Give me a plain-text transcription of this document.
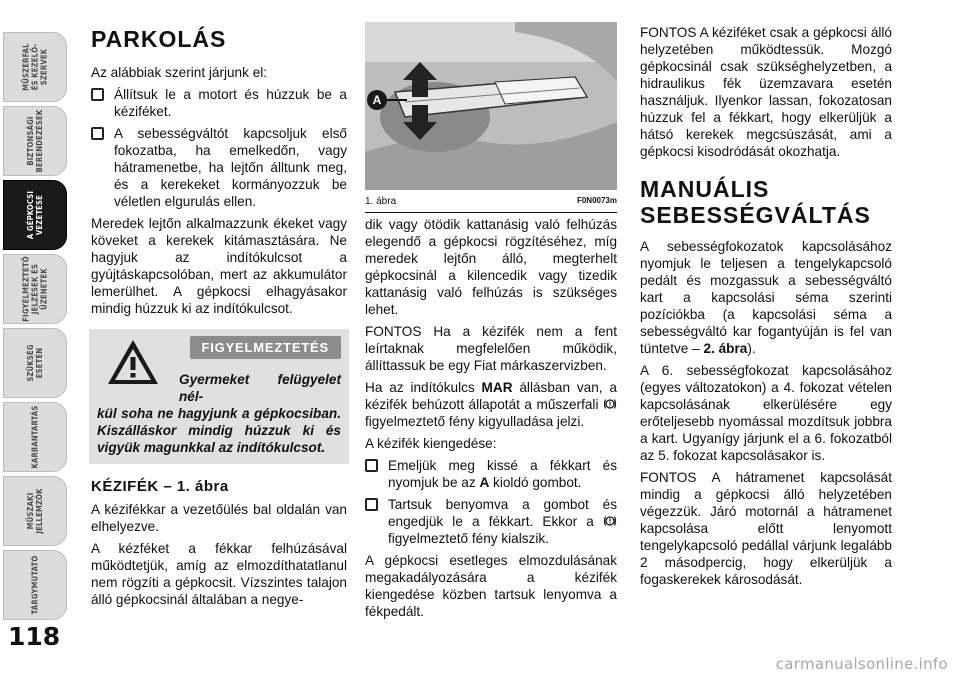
MŰSZERFAL
ÉS KEZELŐ-
SZERVEK
BIZTONSÁGI
BERENDEZÉSEK
A GÉPKOCSI
VEZETÉSE
FIGYELMEZTETŐ
JELZÉSEK ÉS
ÜZENETEK
SZÜKSÉG
ESETÉN
KARBANTARTÁS
MŰSZAKI
JELLEMZŐK
TÁRGYMUTATÓ
118
PARKOLÁS

Az alábbiak szerint járjunk el:

Állítsuk le a motort és húzzuk be a kéziféket.
A sebességváltót kapcsoljuk első fokozatba, ha emelkedőn, vagy hátramenetbe, ha lejtőn álltunk meg, és a kerekeket kormányozzuk be véletlen elgurulás ellen.

Meredek lejtőn alkalmazzunk ékeket vagy köveket a kerekek kitámasztására. Ne hagyjuk az indítókulcsot a gyújtáskapcsolóban, mert az akkumulátor lemerülhet. A gépkocsi elhagyásakor mindig húzzuk ki az indítókulcsot.

FIGYELMEZTETÉS
Gyermeket felügyelet nél-
kül soha ne hagyjunk a gépkocsiban. Kiszálláskor mindig húzzuk ki és vigyük magunkkal az indítókulcsot.
KÉZIFÉK – 1. ábra

A kézifékkar a vezetőülés bal oldalán van elhelyezve.

A kézféket a fékkar felhúzásával működtetjük, amíg az elmozdíthatatlanul nem rögzíti a gépkocsit. Vízszintes talajon álló gépkocsinál általában a negye-

A
1. ábra	F0N0073m

dik vagy ötödik kattanásig való felhúzás elegendő a gépkocsi rögzítéséhez, míg meredek lejtőn álló, megterhelt gépkocsinál a kilencedik vagy tizedik kattanásig való felhúzás is szükséges lehet.

FONTOS Ha a kézifék nem a fent leírtaknak megfelelően működik, állíttassuk be egy Fiat márkaszervizben.

Ha az indítókulcs MAR állásban van, a kézifék behúzott állapotát a műszerfali  figyelmeztető fény kigyulladása jelzi.

A kézifék kiengedése:

Emeljük meg kissé a fékkart és nyomjuk be az A kioldó gombot.
Tartsuk benyomva a gombot és engedjük le a fékkart. Ekkor a  figyelmeztető fény kialszik.

A gépkocsi esetleges elmozdulásának megakadályozására a kézifék kiengedése közben tartsuk lenyomva a fékpedált.

FONTOS A kéziféket csak a gépkocsi álló helyzetében működtessük. Mozgó gépkocsinál csak szükséghelyzetben, a hidraulikus fék üzemzavara esetén használjuk. Ilyenkor lassan, fokozatosan húzzuk fel a fékkart, hogy elkerüljük a hátsó kerekek megcsúszását, ami a gépkocsi kisodródását okozhatja.

MANUÁLIS SEBESSÉGVÁLTÁS

A sebességfokozatok kapcsolásához nyomjuk le teljesen a tengelykapcsoló pedált és mozgassuk a sebességváltó kart a kapcsolási séma szerinti pozíciókba (a kapcsolási séma a sebességváltó kar fogantyúján is fel van tüntetve – 2. ábra).

A 6. sebességfokozat kapcsolásához (egyes változatokon) a 4. fokozat vételen kapcsolásának elkerülésére egy erőteljesebb nyomással mozdítsuk jobbra a kart. Ugyanígy járjunk el a 6. fokozatból az 5. fokozat kapcsolásakor is.

FONTOS A hátramenet kapcsolását mindig a gépkocsi álló helyzetében végezzük. Járó motornál a hátramenet kapcsolása előtt lenyomott tengelykapcsoló pedállal várjunk legalább 2 másodpercig, hogy elkerüljük a fogaskerekek károsodását.

carmanualsonline.info
